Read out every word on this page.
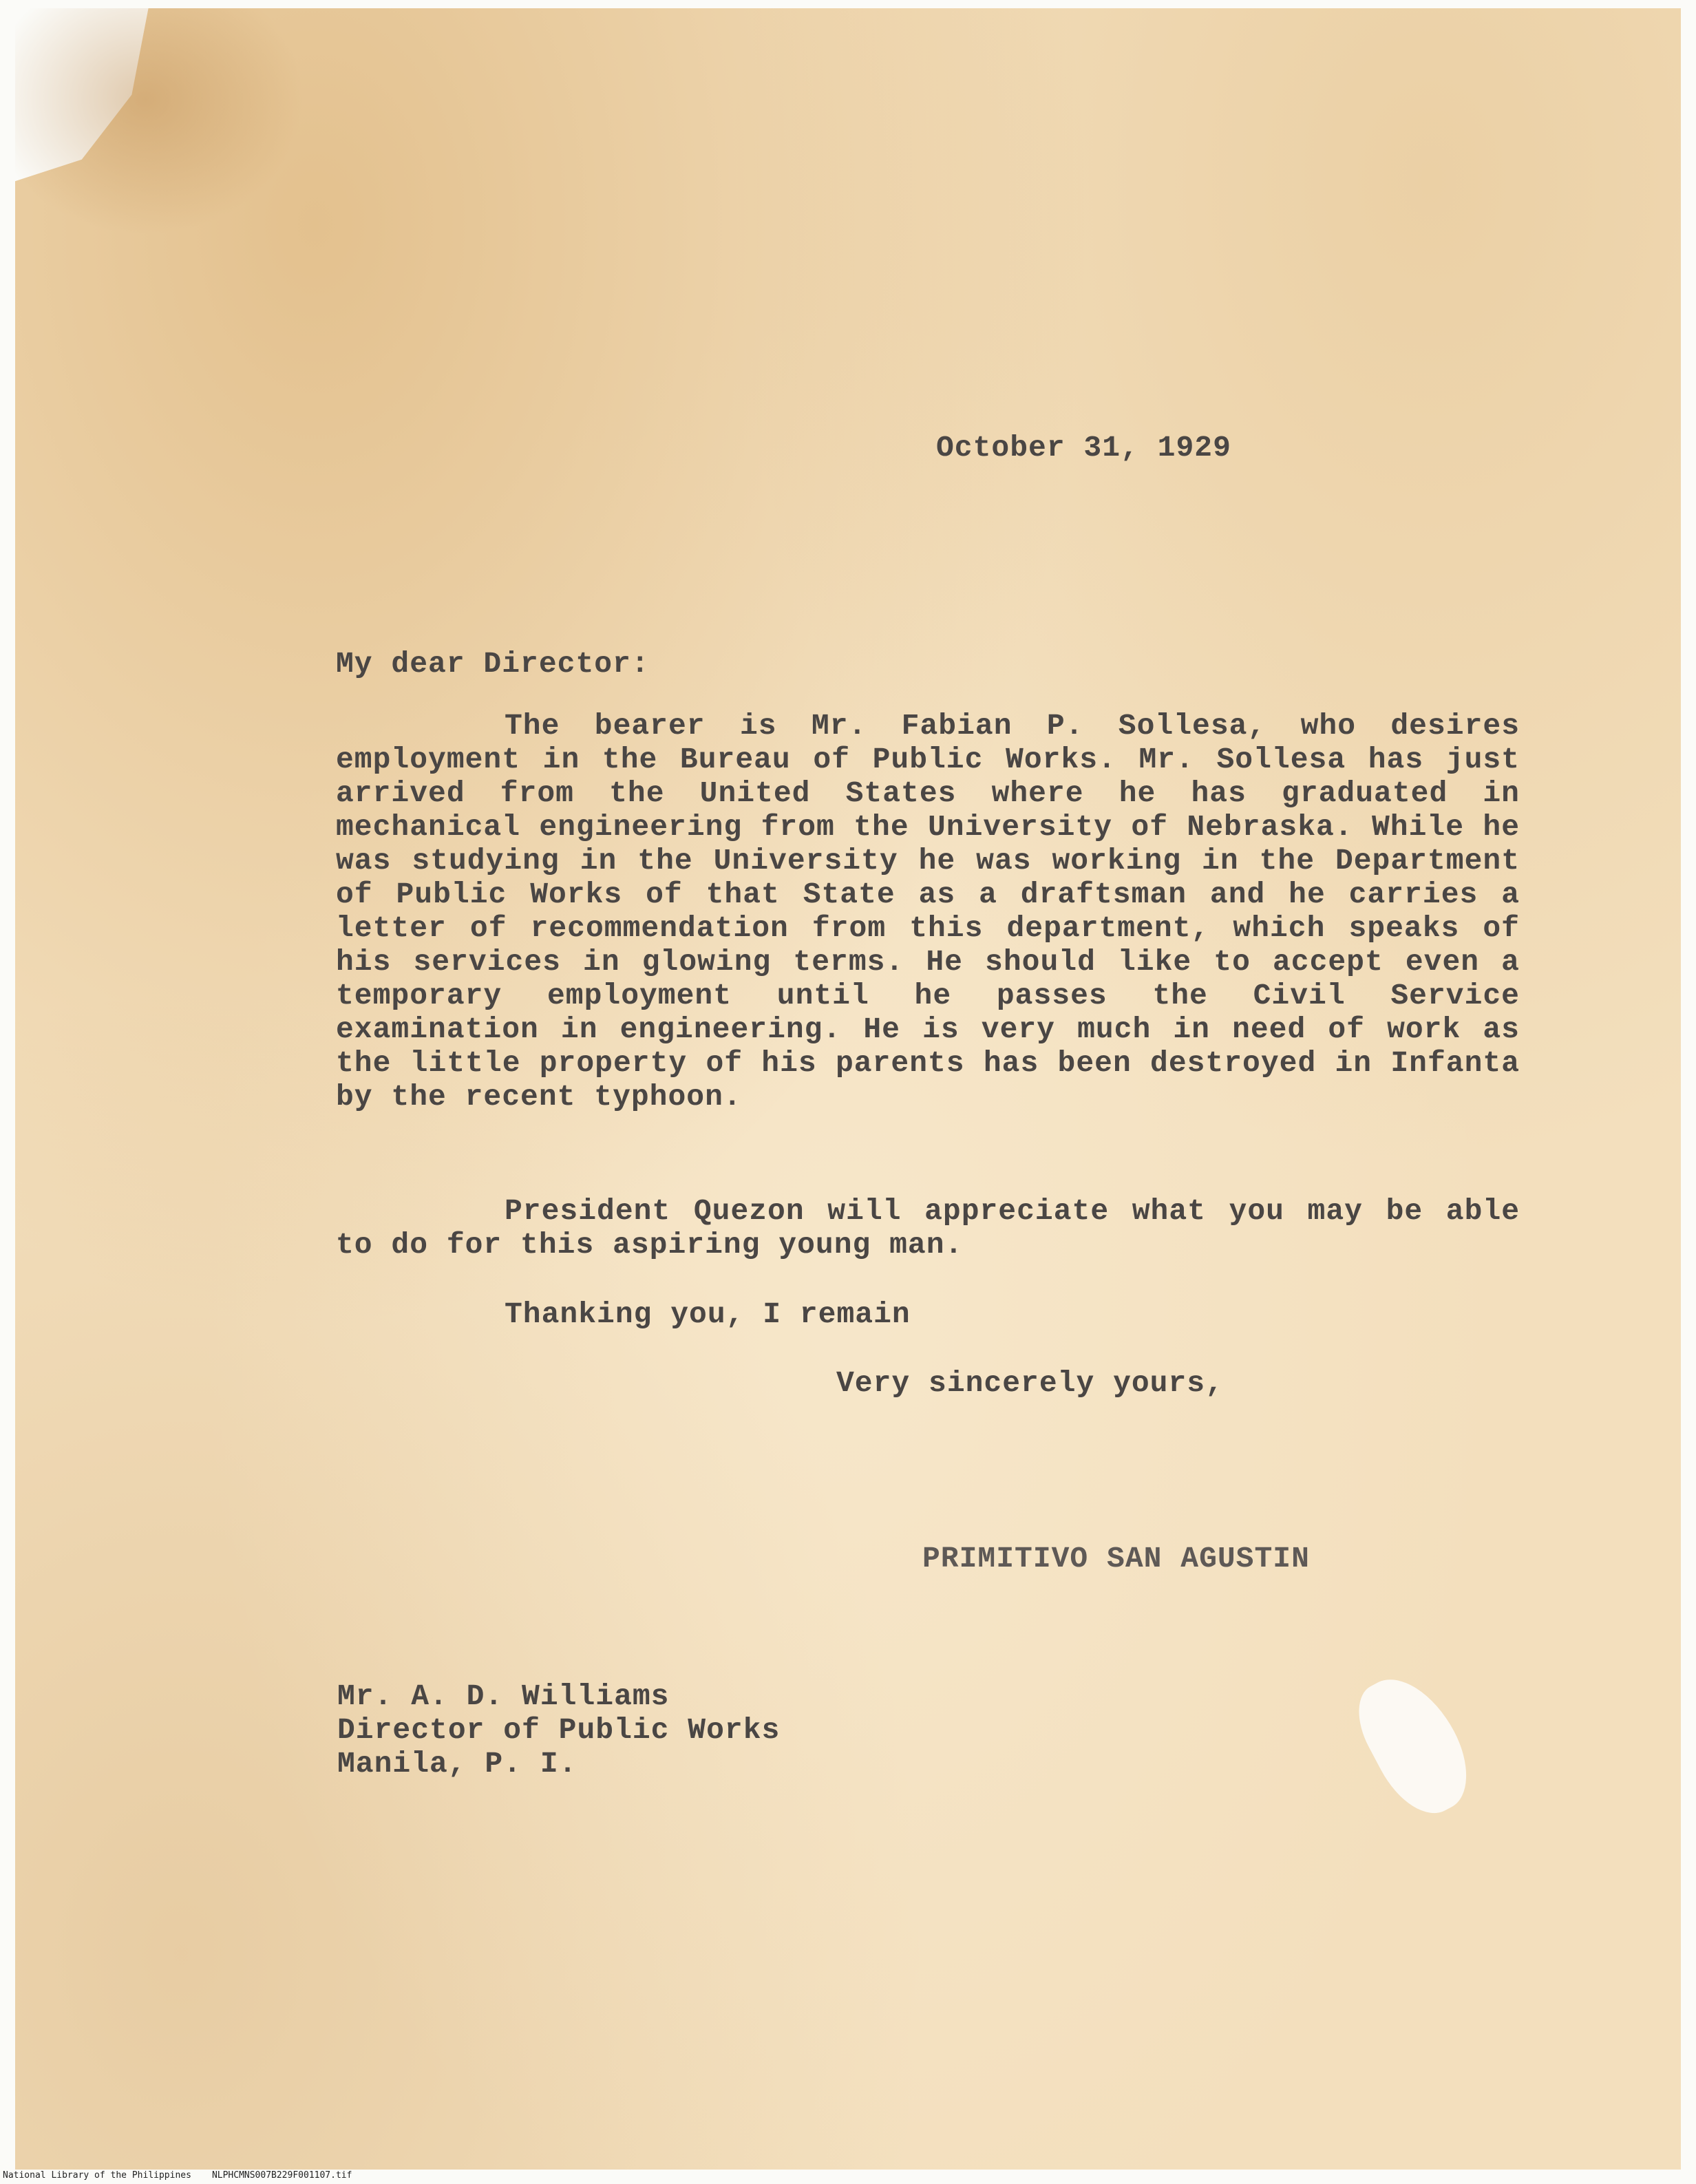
October 31, 1929
My dear Director:

The bearer is Mr. Fabian P. Sollesa, who desires employment in the Bureau of Public Works. Mr. Sollesa has just arrived from the United States where he has graduated in mechanical engineering from the University of Nebraska. While he was studying in the University he was working in the Department of Public Works of that State as a draftsman and he carries a letter of recommendation from this department, which speaks of his services in glowing terms. He should like to accept even a temporary employment until he passes the Civil Service examination in engineering. He is very much in need of work as the little property of his parents has been destroyed in Infanta by the recent typhoon.

President Quezon will appreciate what you may be able to do for this aspiring young man.

Thanking you, I remain
Very sincerely yours,
PRIMITIVO SAN AGUSTIN
Mr. A. D. Williams
Director of Public Works
Manila, P. I.
National Library of the Philippines NLPHCMNS007B229F001107.tif
